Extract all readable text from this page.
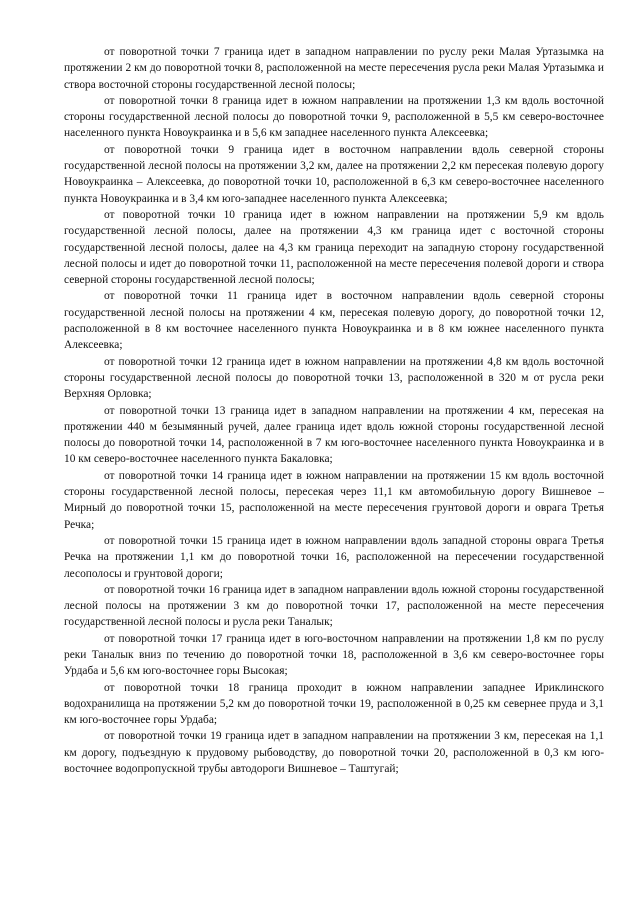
от поворотной точки 7 граница идет в западном направлении по руслу реки Малая Уртазымка на протяжении 2 км до поворотной точки 8, расположенной на месте пересечения русла реки Малая Уртазымка и створа восточной стороны государственной лесной полосы;

от поворотной точки 8 граница идет в южном направлении на протяжении 1,3 км вдоль восточной стороны государственной лесной полосы до поворотной точки 9, расположенной в 5,5 км северо-восточнее населенного пункта Новоукраинка и в 5,6 км западнее населенного пункта Алексеевка;

от поворотной точки 9 граница идет в восточном направлении вдоль северной стороны государственной лесной полосы на протяжении 3,2 км, далее на протяжении 2,2 км пересекая полевую дорогу Новоукраинка – Алексеевка, до поворотной точки 10, расположенной в 6,3 км северо-восточнее населенного пункта Новоукраинка и в 3,4 км юго-западнее населенного пункта Алексеевка;

от поворотной точки 10 граница идет в южном направлении на протяжении 5,9 км вдоль государственной лесной полосы, далее на протяжении 4,3 км граница идет с восточной стороны государственной лесной полосы, далее на 4,3 км граница переходит на западную сторону государственной лесной полосы и идет до поворотной точки 11, расположенной на месте пересечения полевой дороги и створа северной стороны государственной лесной полосы;

от поворотной точки 11 граница идет в восточном направлении вдоль северной стороны государственной лесной полосы на протяжении 4 км, пересекая полевую дорогу, до поворотной точки 12, расположенной в 8 км восточнее населенного пункта Новоукраинка и в 8 км южнее населенного пункта Алексеевка;

от поворотной точки 12 граница идет в южном направлении на протяжении 4,8 км вдоль восточной стороны государственной лесной полосы до поворотной точки 13, расположенной в 320 м от русла реки Верхняя Орловка;

от поворотной точки 13 граница идет в западном направлении на протяжении 4 км, пересекая на протяжении 440 м безымянный ручей, далее граница идет вдоль южной стороны государственной лесной полосы до поворотной точки 14, расположенной в 7 км юго-восточнее населенного пункта Новоукраинка и в 10 км северо-восточнее населенного пункта Бакаловка;

от поворотной точки 14 граница идет в южном направлении на протяжении 15 км вдоль восточной стороны государственной лесной полосы, пересекая через 11,1 км автомобильную дорогу Вишневое – Мирный до поворотной точки 15, расположенной на месте пересечения грунтовой дороги и оврага Третья Речка;

от поворотной точки 15 граница идет в южном направлении вдоль западной стороны оврага Третья Речка на протяжении 1,1 км до поворотной точки 16, расположенной на пересечении государственной лесополосы и грунтовой дороги;

от поворотной точки 16 граница идет в западном направлении вдоль южной стороны государственной лесной полосы на протяжении 3 км до поворотной точки 17, расположенной на месте пересечения государственной лесной полосы и русла реки Таналык;

от поворотной точки 17 граница идет в юго-восточном направлении на протяжении 1,8 км по руслу реки Таналык вниз по течению до поворотной точки 18, расположенной в 3,6 км северо-восточнее горы Урдаба и 5,6 км юго-восточнее горы Высокая;

от поворотной точки 18 граница проходит в южном направлении западнее Ириклинского водохранилища на протяжении 5,2 км до поворотной точки 19, расположенной в 0,25 км севернее пруда и 3,1 км юго-восточнее горы Урдаба;

от поворотной точки 19 граница идет в западном направлении на протяжении 3 км, пересекая на 1,1 км дорогу, подъездную к прудовому рыбоводству, до поворотной точки 20, расположенной в 0,3 км юго-восточнее водопропускной трубы автодороги Вишневое – Таштугай;
